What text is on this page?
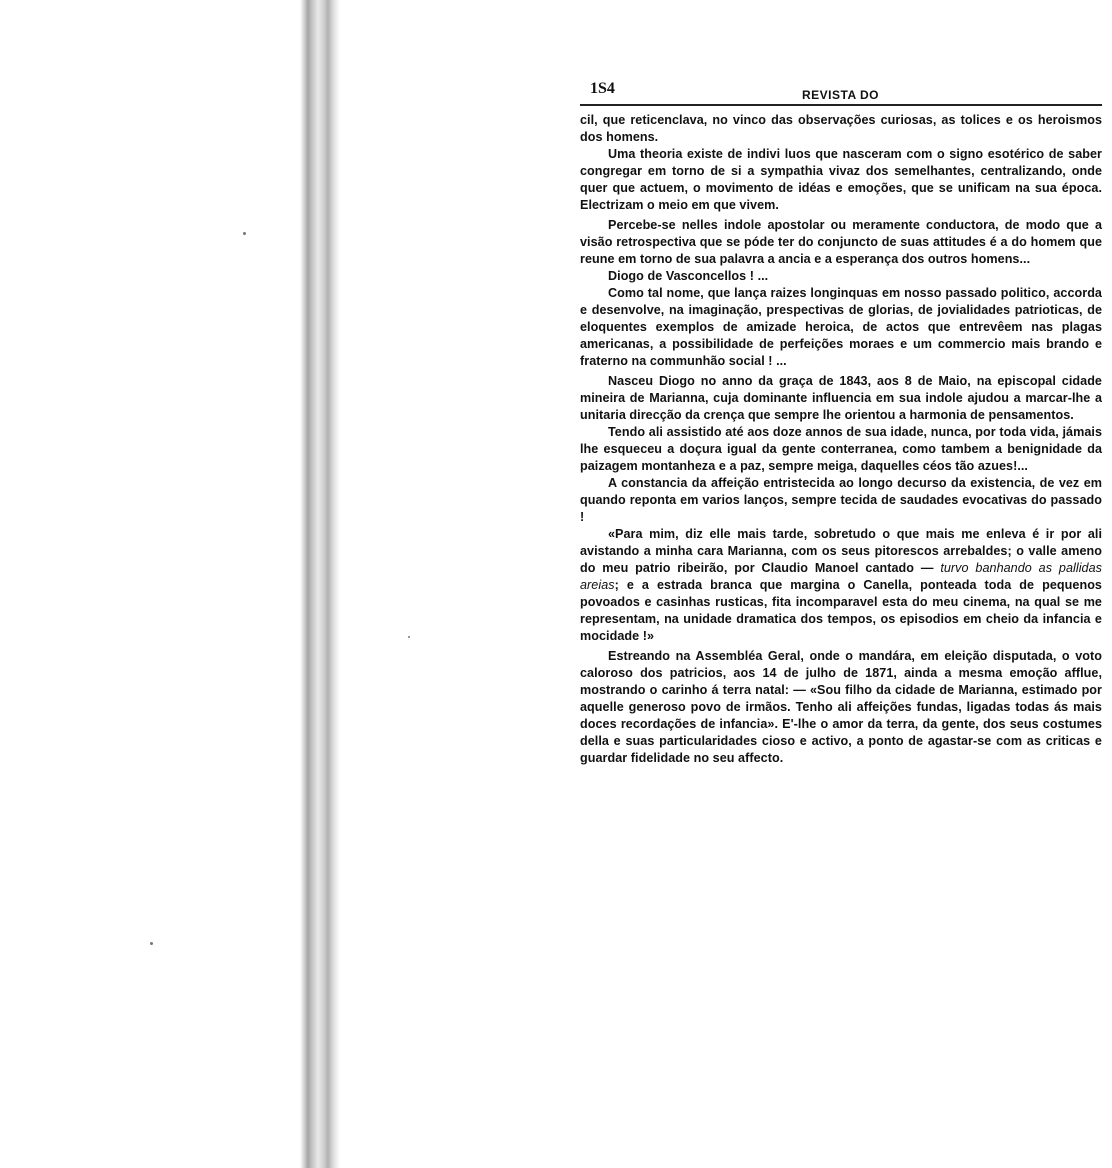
1S4	REVISTA DO

cil, que reticenclava, no vinco das observações curiosas, as tolices e os heroismos dos homens.

Uma theoria existe de indivi luos que nasceram com o signo esotérico de saber congregar em torno de si a sympathia vivaz dos semelhantes, centralizando, onde quer que actuem, o movimento de idéas e emoções, que se unificam na sua época. Electrizam o meio em que vivem.

Percebe-se nelles indole apostolar ou meramente conductora, de modo que a visão retrospectiva que se póde ter do conjuncto de suas attitudes é a do homem que reune em torno de sua palavra a ancia e a esperança dos outros homens...

Diogo de Vasconcellos ! ...

Como tal nome, que lança raizes longinquas em nosso passado politico, accorda e desenvolve, na imaginação, prespectivas de glorias, de jovialidades patrioticas, de eloquentes exemplos de amizade heroica, de actos que entrevêem nas plagas americanas, a possibilidade de perfeições moraes e um commercio mais brando e fraterno na communhão social ! ...

Nasceu Diogo no anno da graça de 1843, aos 8 de Maio, na episcopal cidade mineira de Marianna, cuja dominante influencia em sua indole ajudou a marcar-lhe a unitaria direcção da crença que sempre lhe orientou a harmonia de pensamentos.

Tendo ali assistido até aos doze annos de sua idade, nunca, por toda vida, jámais lhe esqueceu a doçura igual da gente conterranea, como tambem a benignidade da paizagem montanheza e a paz, sempre meiga, daquelles céos tão azues!...

A constancia da affeição entristecida ao longo decurso da existencia, de vez em quando reponta em varios lanços, sempre tecida de saudades evocativas do passado !

«Para mim, diz elle mais tarde, sobretudo o que mais me enleva é ir por ali avistando a minha cara Marianna, com os seus pitorescos arrebaldes; o valle ameno do meu patrio ribeirão, por Claudio Manoel cantado — turvo banhando as pallidas areias; e a estrada branca que margina o Canella, ponteada toda de pequenos povoados e casinhas rusticas, fita incomparavel esta do meu cinema, na qual se me representam, na unidade dramatica dos tempos, os episodios em cheio da infancia e mocidade !»

Estreando na Assembléa Geral, onde o mandára, em eleição disputada, o voto caloroso dos patricios, aos 14 de julho de 1871, ainda a mesma emoção afflue, mostrando o carinho á terra natal: — «Sou filho da cidade de Marianna, estimado por aquelle generoso povo de irmãos. Tenho ali affeições fundas, ligadas todas ás mais doces recordações de infancia». E'-lhe o amor da terra, da gente, dos seus costumes della e suas particularidades cioso e activo, a ponto de agastar-se com as criticas e guardar fidelidade no seu affecto.
